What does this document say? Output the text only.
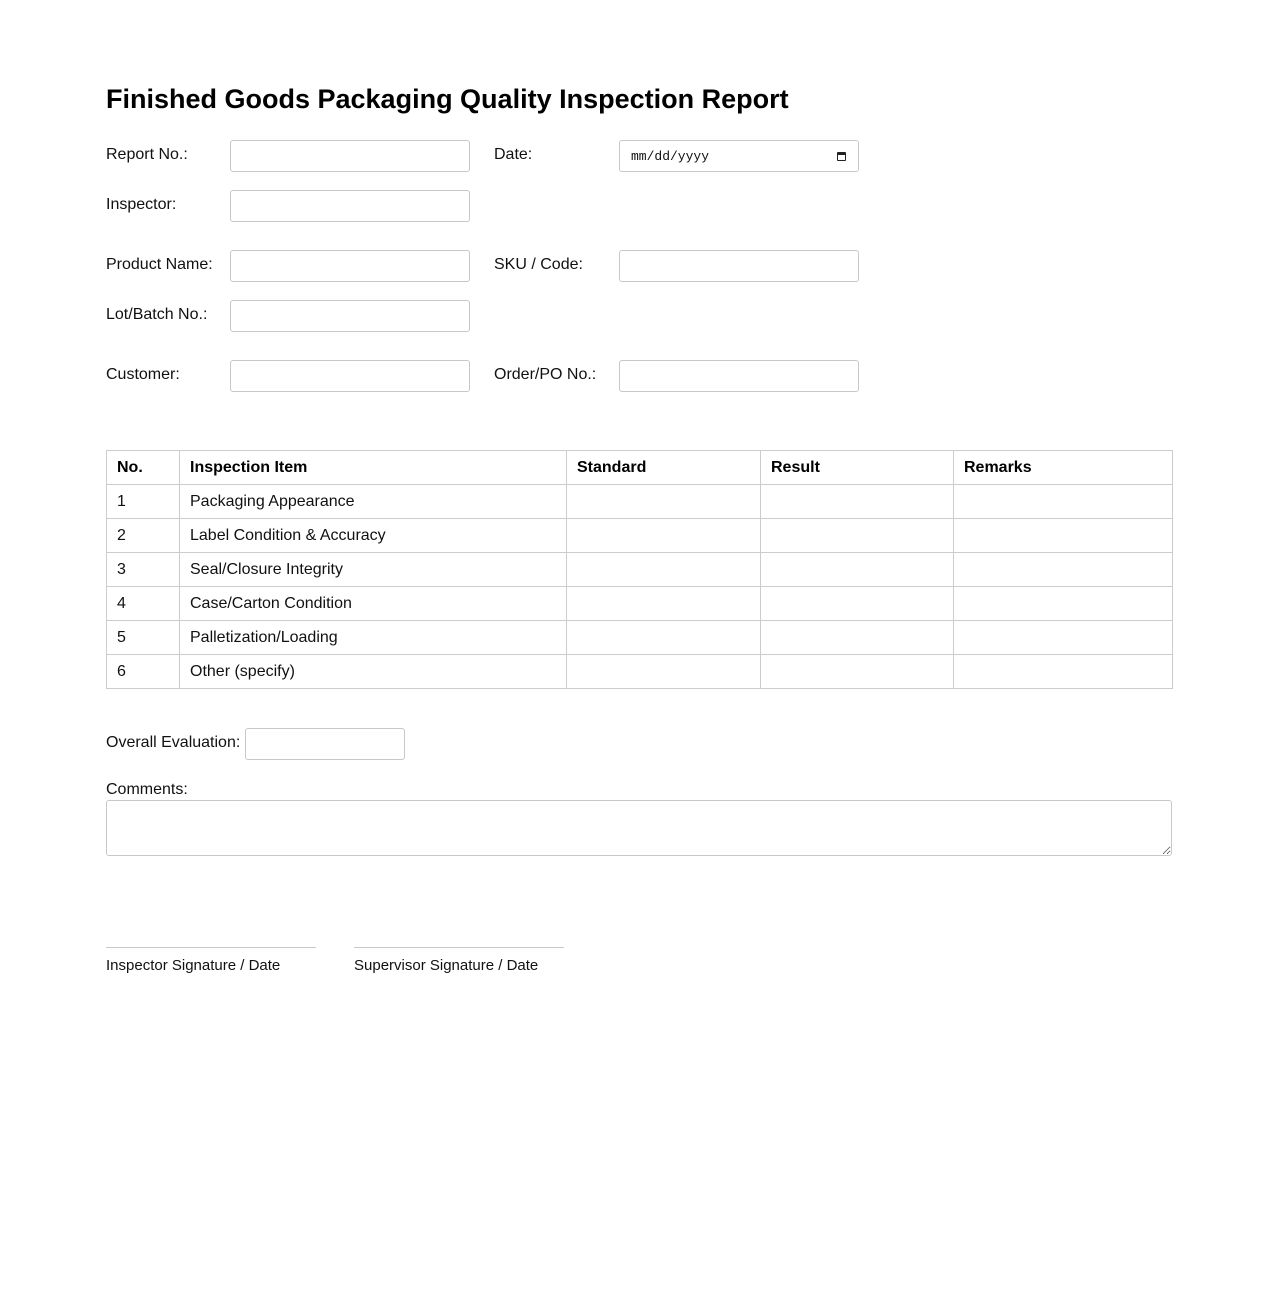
Finished Goods Packaging Quality Inspection Report
Report No.:	Date:	mm/dd/yyyy
Inspector:
Product Name:	SKU / Code:
Lot/Batch No.:
Customer:	Order/PO No.:
No.	Inspection Item	Standard	Result	Remarks
1	Packaging Appearance			
2	Label Condition & Accuracy			
3	Seal/Closure Integrity			
4	Case/Carton Condition			
5	Palletization/Loading			
6	Other (specify)			
Overall Evaluation:
Comments:
Inspector Signature / Date	Supervisor Signature / Date
